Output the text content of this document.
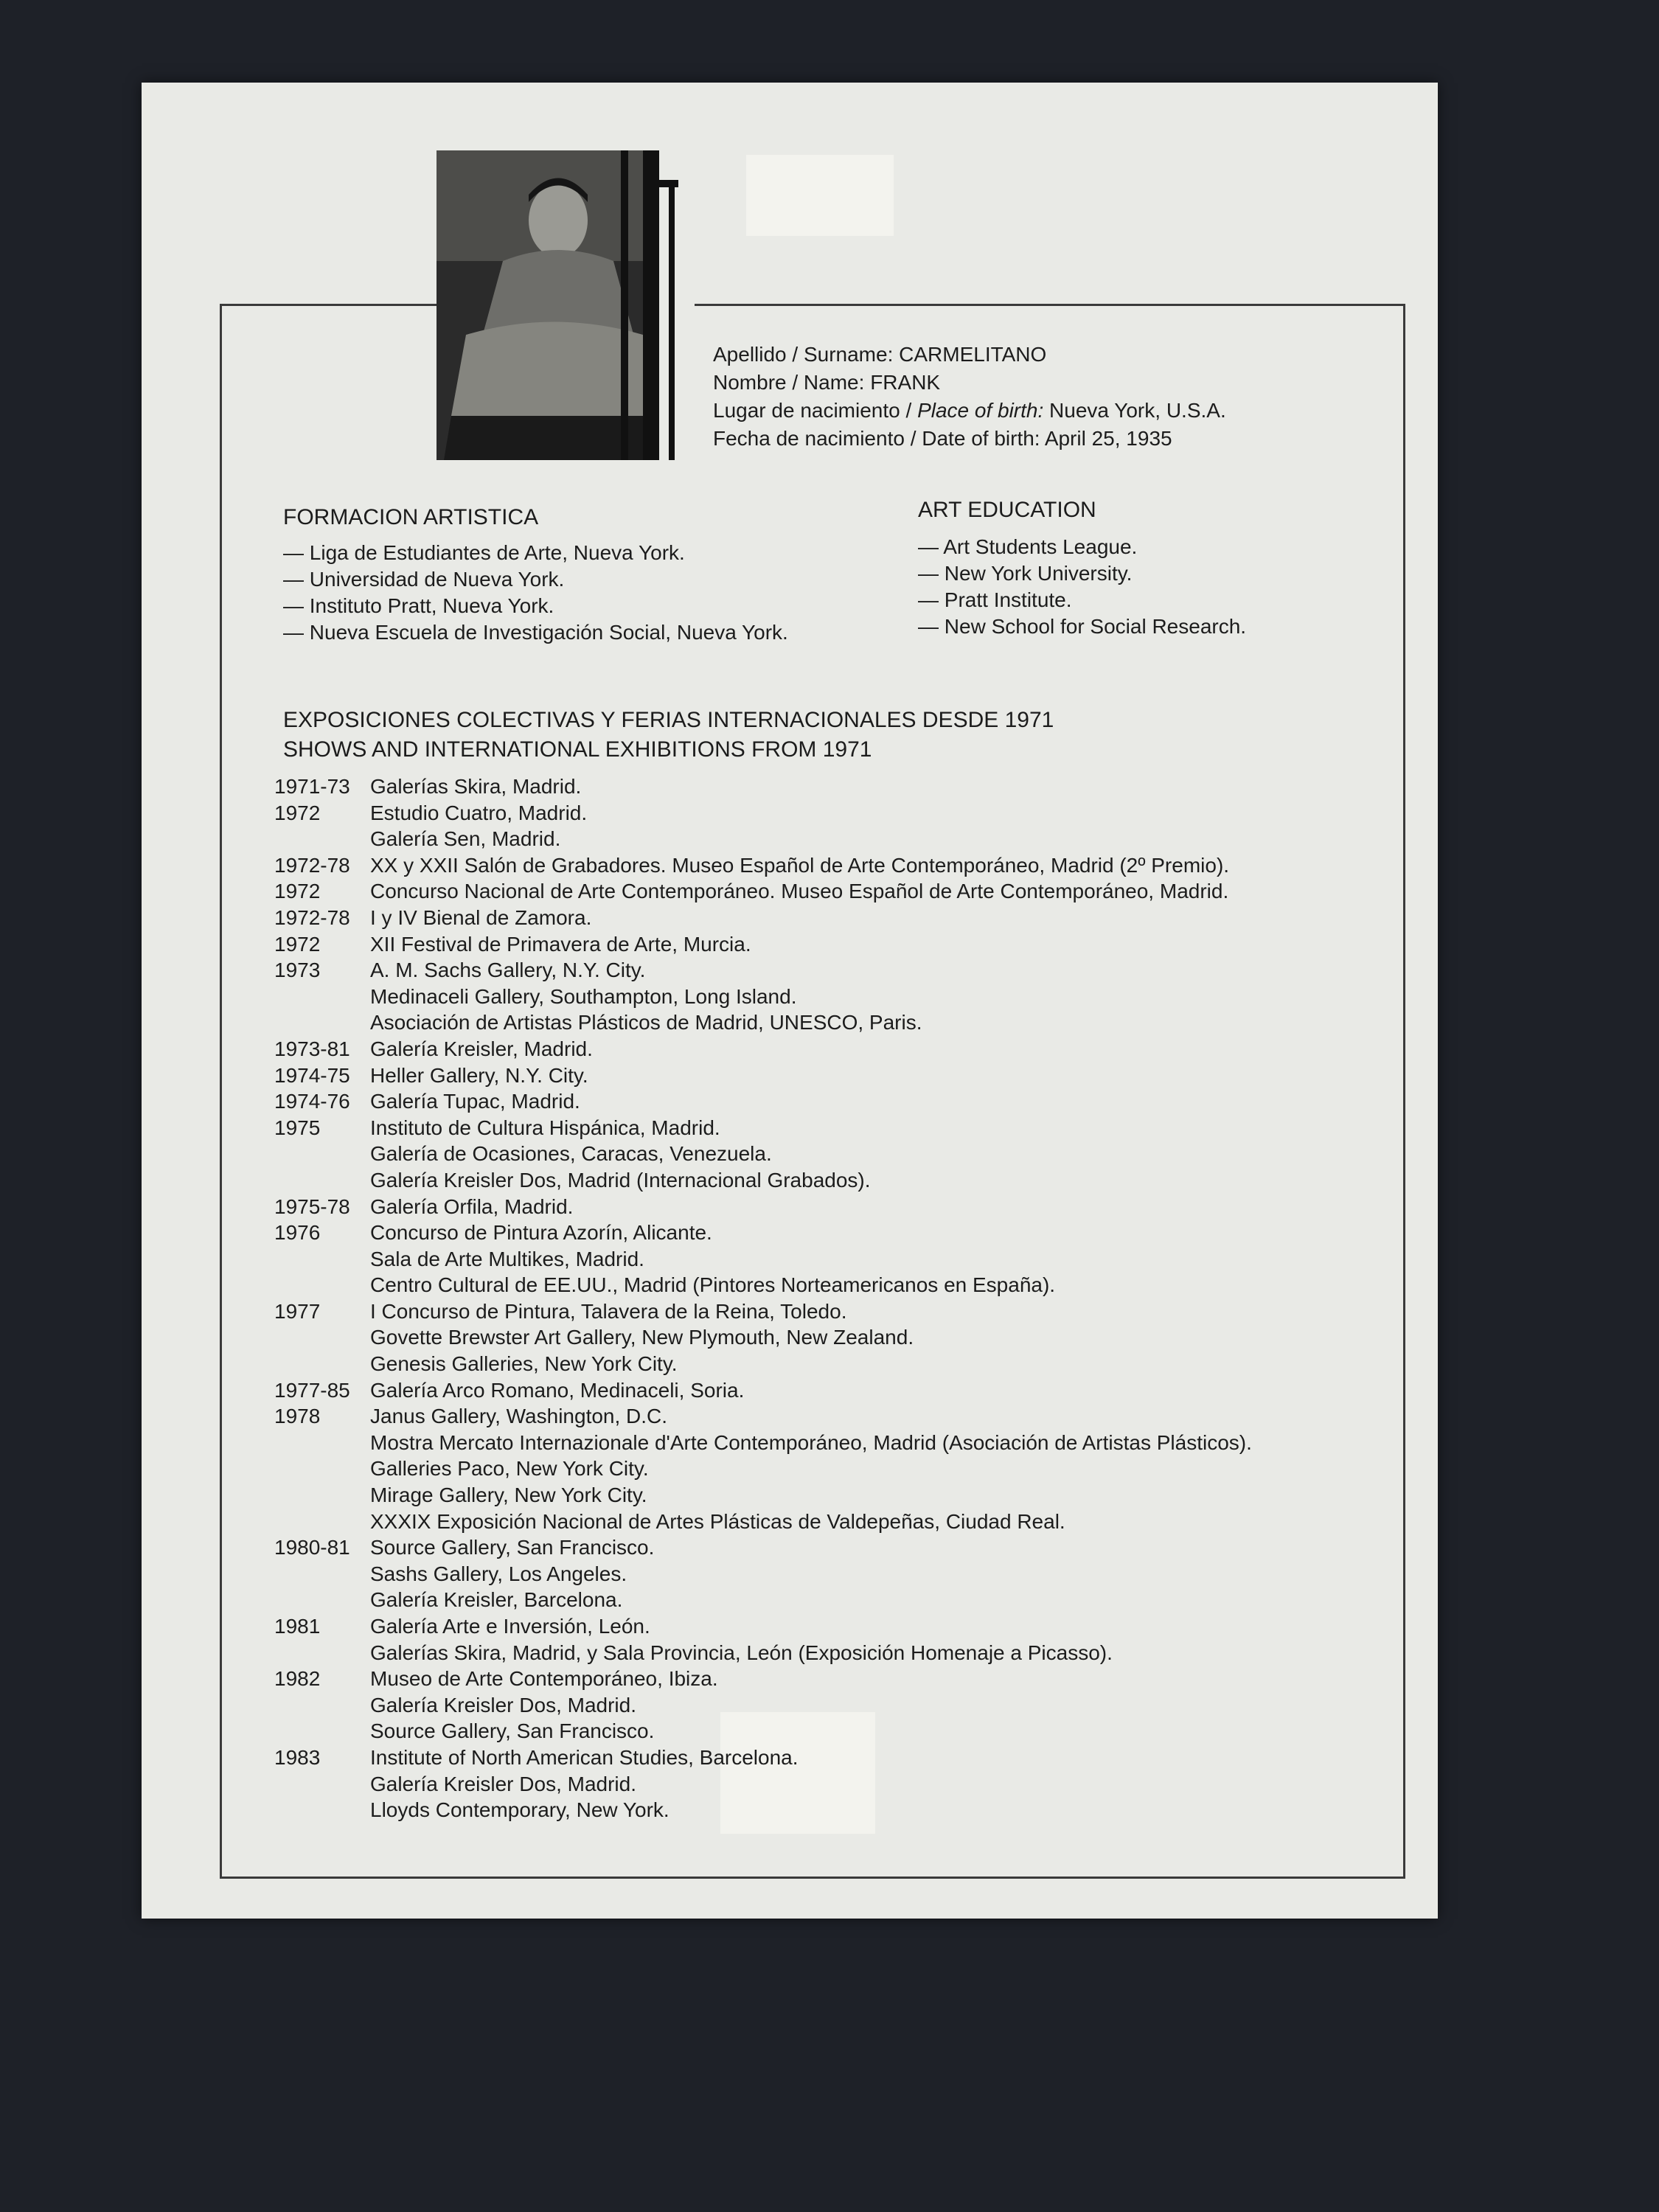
Apellido / Surname: CARMELITANO
Nombre / Name: FRANK
Lugar de nacimiento / Place of birth: Nueva York, U.S.A.
Fecha de nacimiento / Date of birth: April 25, 1935
FORMACION ARTISTICA
— Liga de Estudiantes de Arte, Nueva York.
— Universidad de Nueva York.
— Instituto Pratt, Nueva York.
— Nueva Escuela de Investigación Social, Nueva York.
ART EDUCATION
— Art Students League.
— New York University.
— Pratt Institute.
— New School for Social Research.
EXPOSICIONES COLECTIVAS Y FERIAS INTERNACIONALES DESDE 1971
SHOWS AND INTERNATIONAL EXHIBITIONS FROM 1971
1971-73 Galerías Skira, Madrid.
1972	Estudio Cuatro, Madrid.
Galería Sen, Madrid.
1972-78 XX y XXII Salón de Grabadores. Museo Español de Arte Contemporáneo, Madrid (2º Premio).
1972	Concurso Nacional de Arte Contemporáneo. Museo Español de Arte Contemporáneo, Madrid.
1972-78 I y IV Bienal de Zamora.
1972	XII Festival de Primavera de Arte, Murcia.
1973	A. M. Sachs Gallery, N.Y. City.
Medinaceli Gallery, Southampton, Long Island.
Asociación de Artistas Plásticos de Madrid, UNESCO, Paris.
1973-81 Galería Kreisler, Madrid.
1974-75 Heller Gallery, N.Y. City.
1974-76 Galería Tupac, Madrid.
1975	Instituto de Cultura Hispánica, Madrid.
Galería de Ocasiones, Caracas, Venezuela.
Galería Kreisler Dos, Madrid (Internacional Grabados).
1975-78 Galería Orfila, Madrid.
1976	Concurso de Pintura Azorín, Alicante.
Sala de Arte Multikes, Madrid.
Centro Cultural de EE.UU., Madrid (Pintores Norteamericanos en España).
1977	I Concurso de Pintura, Talavera de la Reina, Toledo.
Govette Brewster Art Gallery, New Plymouth, New Zealand.
Genesis Galleries, New York City.
1977-85 Galería Arco Romano, Medinaceli, Soria.
1978	Janus Gallery, Washington, D.C.
Mostra Mercato Internazionale d'Arte Contemporáneo, Madrid (Asociación de Artistas Plásticos).
Galleries Paco, New York City.
Mirage Gallery, New York City.
XXXIX Exposición Nacional de Artes Plásticas de Valdepeñas, Ciudad Real.
1980-81 Source Gallery, San Francisco.
Sashs Gallery, Los Angeles.
Galería Kreisler, Barcelona.
1981	Galería Arte e Inversión, León.
Galerías Skira, Madrid, y Sala Provincia, León (Exposición Homenaje a Picasso).
1982	Museo de Arte Contemporáneo, Ibiza.
Galería Kreisler Dos, Madrid.
Source Gallery, San Francisco.
1983	Institute of North American Studies, Barcelona.
Galería Kreisler Dos, Madrid.
Lloyds Contemporary, New York.
